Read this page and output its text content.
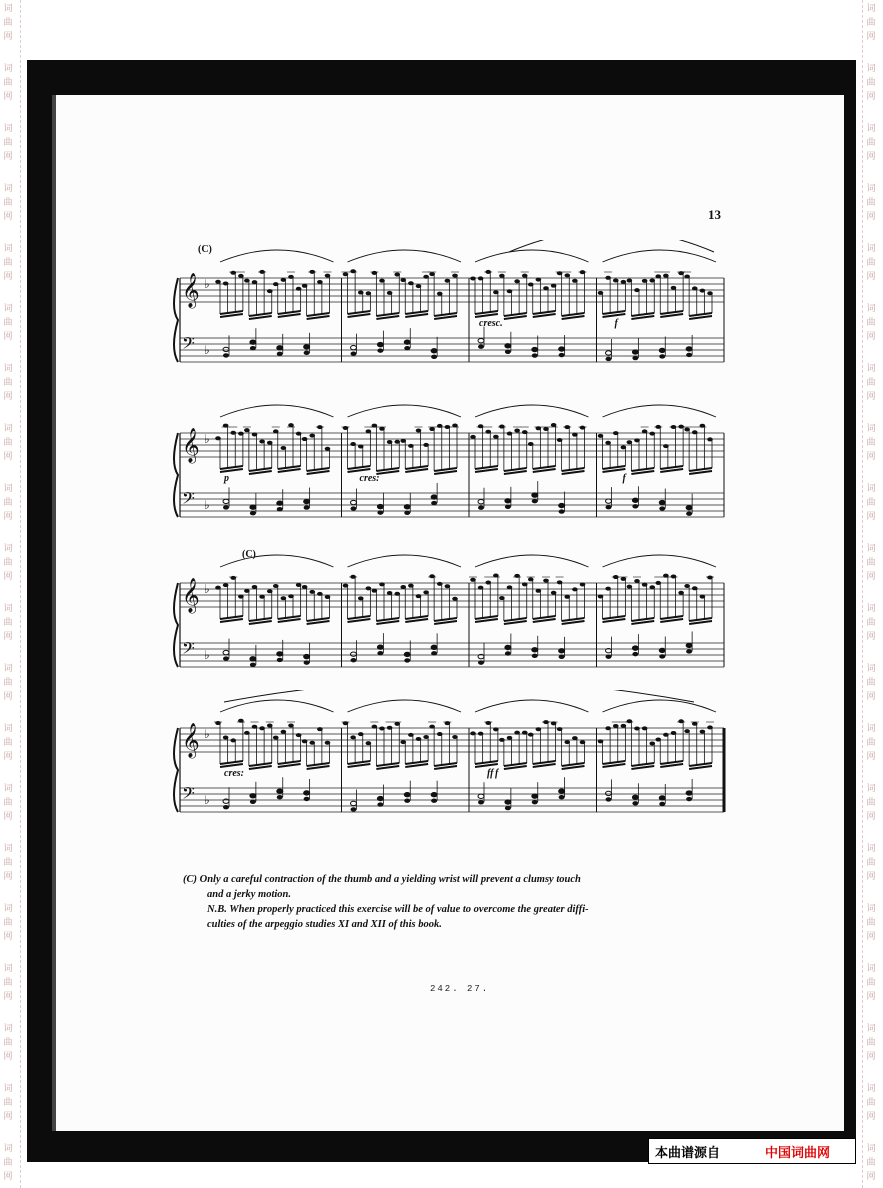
词
曲
网
词
曲
网
词
曲
网
词
曲
网
词
曲
网
词
曲
网
词
曲
网
词
曲
网
词
曲
网
词
曲
网
词
曲
网
词
曲
网
词
曲
网
词
曲
网
词
曲
网
词
曲
网
词
曲
网
词
曲
网
词
曲
网
词
曲
网
词
曲
网
词
曲
网
词
曲
网
词
曲
网
词
曲
网
词
曲
网
词
曲
网
词
曲
网
词
曲
网
词
曲
网
词
曲
网
词
曲
网
词
曲
网
词
曲
网
词
曲
网
词
曲
网
词
曲
网
词
曲
网
词
曲
网
词
曲
网
13
𝄞 ♭
𝄢 ♭
(C)
cresc.	f
𝄞 ♭
𝄢 ♭
p	cres:	f
𝄞 ♭
𝄢 ♭
(C)
𝄞 ♭
𝄢 ♭
cres:	ff f

(C) Only a careful contraction of the thumb and a yielding wrist will prevent a clumsy touch

and a jerky motion.

N.B. When properly practiced this exercise will be of value to overcome the greater diffi-

culties of the arpeggio studies XI and XII of this book.

242. 27.
本曲谱源自	中国词曲网
